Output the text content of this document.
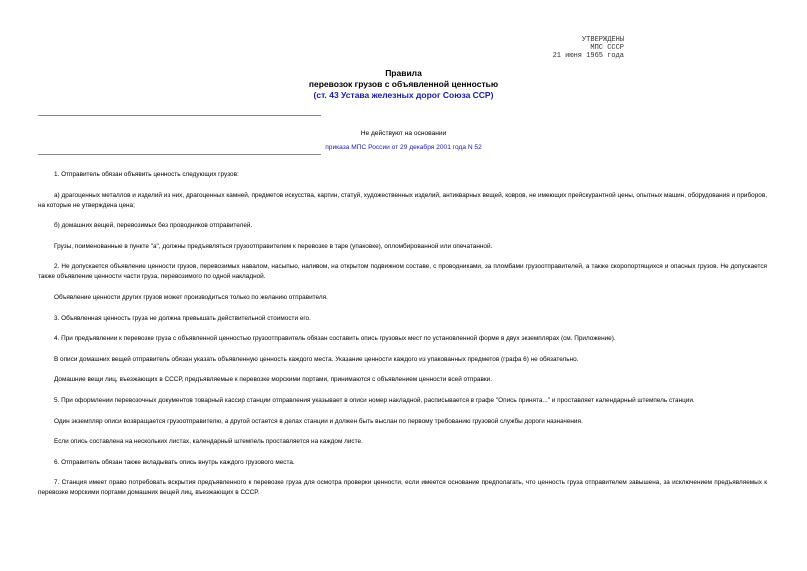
УТВЕРЖДЕНЫ
МПС СССР
21 июня 1965 года
Правила
перевозок грузов с объявленной ценностью
(ст. 43 Устава железных дорог Союза ССР)
Не действуют на основании
приказа МПС России от 29 декабря 2001 года N 52

1. Отправитель обязан объявить ценность следующих грузов:

а) драгоценных металлов и изделий из них, драгоценных камней, предметов искусства, картин, статуй, художественных изделий, антикварных вещей, ковров, не имеющих прейскурантной цены, опытных машин, оборудования и приборов, на которые не утверждена цена;

б) домашних вещей, перевозимых без проводников отправителей.

Грузы, поименованные в пункте "а", должны предъявляться грузоотправителем к перевозке в таре (упаковке), опломбированной или опечатанной.

2. Не допускается объявление ценности грузов, перевозимых навалом, насыпью, наливом, на открытом подвижном составе, с проводниками, за пломбами грузоотправителей, а также скоропортящихся и опасных грузов. Не допускается также объявление ценности части груза, перевозимого по одной накладной.

Объявление ценности других грузов может производиться только по желанию отправителя.

3. Объявленная ценность груза не должна превышать действительной стоимости его.

4. При предъявлении к перевозке груза с объявленной ценностью грузоотправитель обязан составить опись грузовых мест по установленной форме в двух экземплярах (см. Приложение).

В описи домашних вещей отправитель обязан указать объявленную ценность каждого места. Указание ценности каждого из упакованных предметов (графа 6) не обязательно.

Домашние вещи лиц, въезжающих в СССР, предъявляемые к перевозке морскими портами, принимаются с объявлением ценности всей отправки.

5. При оформлении перевозочных документов товарный кассир станции отправления указывает в описи номер накладной, расписывается в графе "Опись принята..." и проставляет календарный штемпель станции.

Один экземпляр описи возвращается грузоотправителю, а другой остается в делах станции и должен быть выслан по первому требованию грузовой службы дороги назначения.

Если опись составлена на нескольких листах, календарный штемпель проставляется на каждом листе.

6. Отправитель обязан также вкладывать опись внутрь каждого грузового места.

7. Станция имеет право потребовать вскрытия предъявленного к перевозке груза для осмотра проверки ценности, если имеется основание предполагать, что ценность груза отправителем завышена, за исключением предъявляемых к перевозке морскими портами домашних вещей лиц, въезжающих в СССР.
